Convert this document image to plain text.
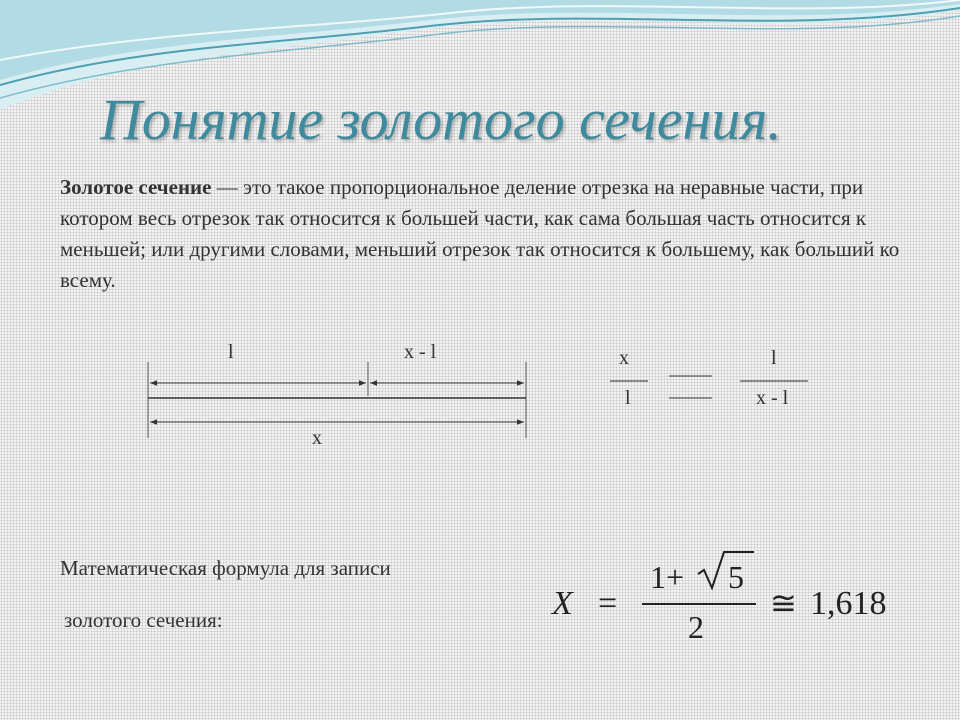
Понятие золотого сечения.
Золотое сечение — это такое пропорциональное деление отрезка на неравные части, при котором весь отрезок так относится к большей части, как сама большая часть относится к меньшей; или другими словами, меньший отрезок так относится к большему, как больший ко всему.
l	x - l
x
x
l
l
x - l
Математическая формула для записи
золотого сечения:	X =
1+ 5
2
≅ 1,618
